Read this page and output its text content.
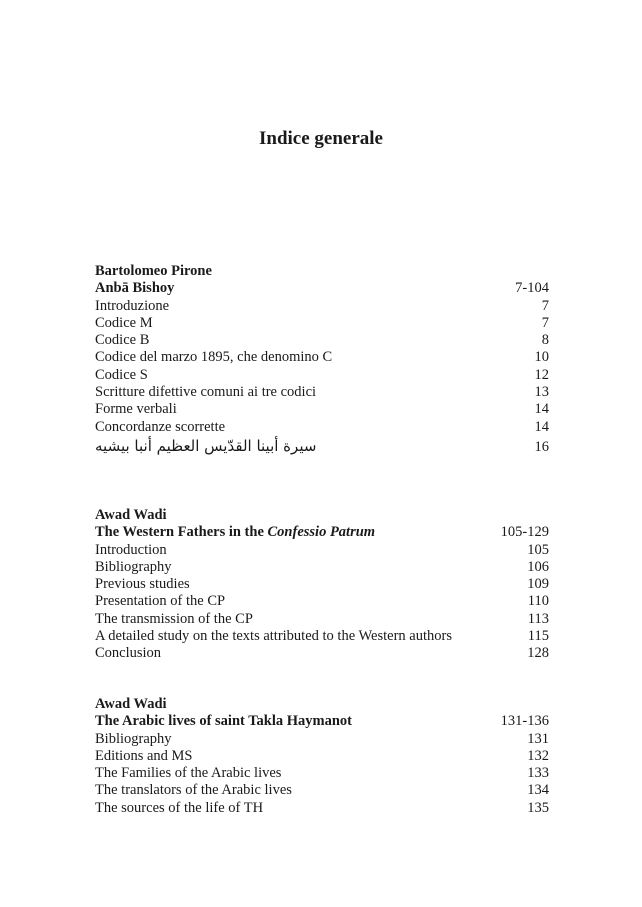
Indice generale
Bartolomeo Pirone
Anbā Bishoy	7-104
Introduzione	7
Codice M	7
Codice B	8
Codice del marzo 1895, che denomino C	10
Codice S	12
Scritture difettive comuni ai tre codici	13
Forme verbali	14
Concordanze scorrette	14
سيرة أبينا القدّيس العظيم أنبا بيشيه	16
Awad Wadi
The Western Fathers in the Confessio Patrum	105-129
Introduction	105
Bibliography	106
Previous studies	109
Presentation of the CP	110
The transmission of the CP	113
A detailed study on the texts attributed to the Western authors	115
Conclusion	128
Awad Wadi
The Arabic lives of saint Takla Haymanot	131-136
Bibliography	131
Editions and MS	132
The Families of the Arabic lives	133
The translators of the Arabic lives	134
The sources of the life of TH	135
